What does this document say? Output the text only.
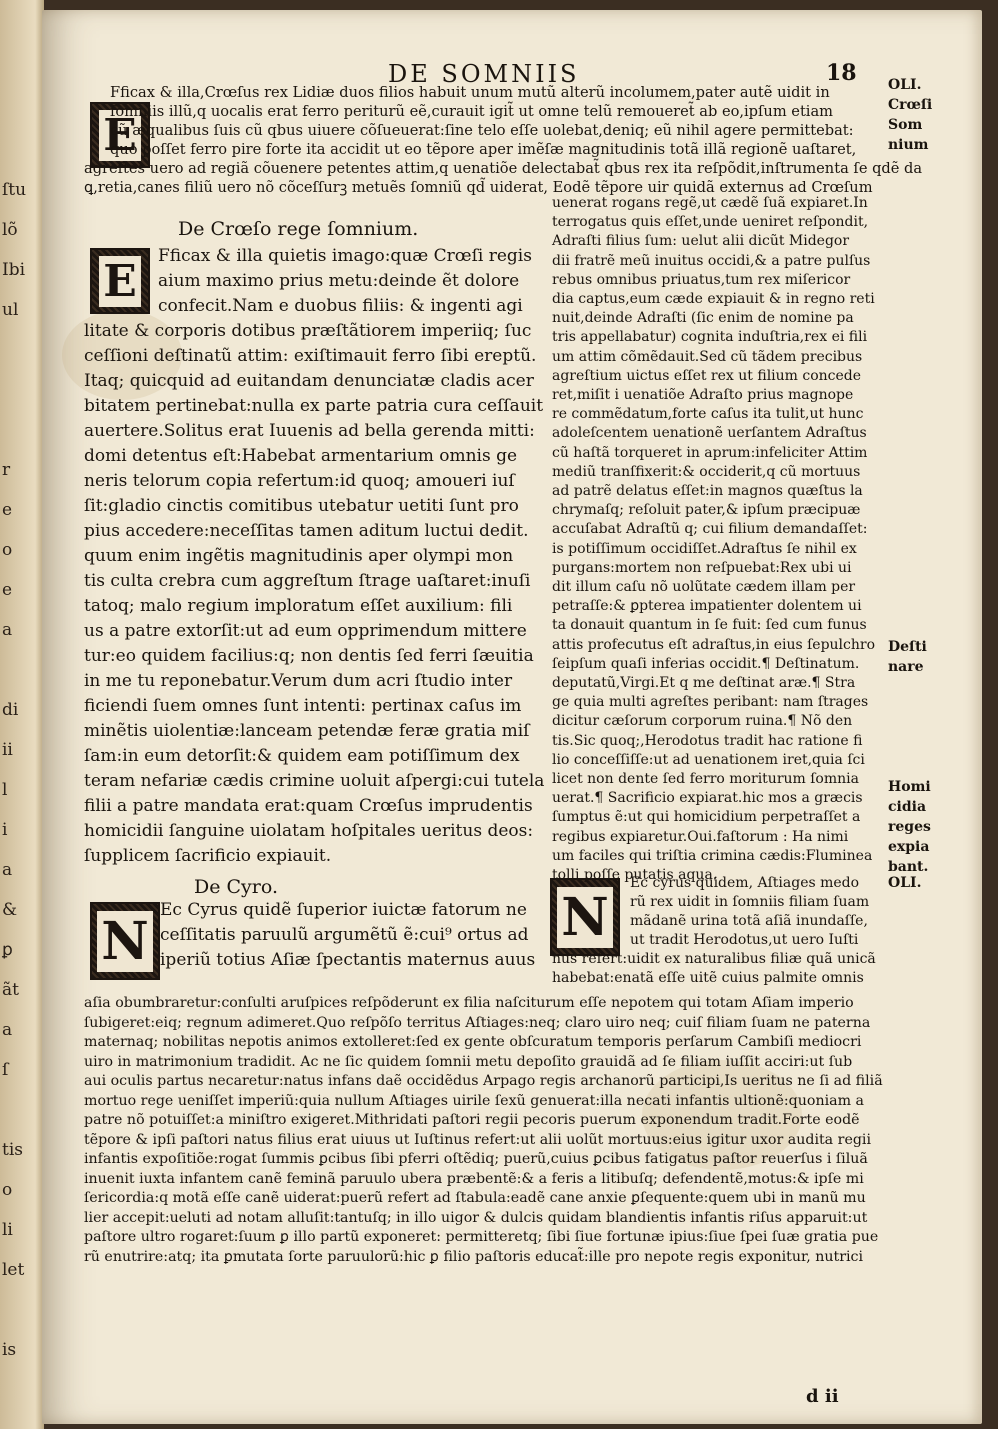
ſtu
lõ
Ibi
ul
r
e
o
e
a
di
ii
l
i
a
&
ꝑ
ãt
a
ſ
tis
o
li
let
is
DE SOMNIIS	18
E
De Crœſo rege ſomnium.
E
De Cyro.
N	N
d ii
Fficax & illa,Crœſus rex Lidiæ duos filios habuit unum mutũ alterũ incolumem,pater autẽ uidit in
ſomniis illũ,q uocalis erat ferro periturũ eẽ,curauit igit̃ ut omne telũ remoueret̃ ab eo,ipſum etiam
cũ æqualibus ſuis cũ qbus uiuere cõſueuerat:ſine telo eſſe uolebat,deniq; eũ nihil agere permittebat:
quo poſſet ferro pire forte ita accidit ut eo tẽpore aper imẽſæ magnitudinis totã illã regionẽ uaſtaret,
agreſtes uero ad regiã cõuenere petentes attim,q uenatiõe delectabat̃ qbus rex ita reſpõdit,inſtrumenta ſe qdẽ da
ꝗ,retia,canes filiũ uero nõ cõceſſurꝫ metuẽs ſomniũ qd̃ uiderat, Eodẽ tẽpore uir quidã externus ad Crœſum
Fficax & illa quietis imago:quæ Crœſi regis
aium maximo prius metu:deinde ẽt dolore
confecit.Nam e duobus filiis: & ingenti agi
litate & corporis dotibus præſtãtiorem imperiiq; ſuc
ceſſioni deſtinatũ attim: exiſtimauit ferro ſibi ereptũ.
Itaq; quicquid ad euitandam denunciatæ cladis acer
bitatem pertinebat:nulla ex parte patria cura ceſſauit
auertere.Solitus erat Iuuenis ad bella gerenda mitti:
domi detentus eſt:Habebat armentarium omnis ge
neris telorum copia refertum:id quoq; amoueri iuſ
ſit:gladio cinctis comitibus utebatur uetiti ſunt pro
pius accedere:neceſſitas tamen aditum luctui dedit.
quum enim ingẽtis magnitudinis aper olympi mon
tis culta crebra cum aggreſtum ſtrage uaſtaret:inuſi
tatoq; malo regium imploratum eſſet auxilium: fili
us a patre extorſit:ut ad eum opprimendum mittere
tur:eo quidem facilius:q; non dentis ſed ferri ſæuitia
in me tu reponebatur.Verum dum acri ſtudio inter
ficiendi ſuem omnes ſunt intenti: pertinax caſus im
minẽtis uiolentiæ:lanceam petendæ feræ gratia miſ
ſam:in eum detorſit:& quidem eam potiſſimum dex
teram nefariæ cædis crimine uoluit aſpergi:cui tutela
filii a patre mandata erat:quam Crœſus imprudentis
homicidii ſanguine uiolatam hoſpitales ueritus deos:
ſupplicem ſacrificio expiauit.
uenerat rogans regẽ,ut cædẽ ſuã expiaret.In
terrogatus quis eſſet,unde ueniret reſpondit,
Adraſti filius ſum: uelut alii dicũt Midegor
dii fratrẽ meũ inuitus occidi,& a patre pulſus
rebus omnibus priuatus,tum rex miſericor
dia captus,eum cæde expiauit & in regno reti
nuit,deinde Adraſti (ſic enim de nomine pa
tris appellabatur) cognita induſtria,rex ei fili
um attim cõmẽdauit.Sed cũ tãdem precibus
agreſtium uictus eſſet rex ut filium concede
ret,miſit i uenatiõe Adraſto prius magnope
re commẽdatum,forte caſus ita tulit,ut hunc
adoleſcentem uenationẽ uerſantem Adraſtus
cũ haſtã torqueret in aprum:infeliciter Attim
mediũ tranſfixerit:& occiderit,q cũ mortuus
ad patrẽ delatus eſſet:in magnos quæſtus la
chrymaſq; reſoluit pater,& ipſum præcipuæ
accuſabat Adraſtũ q; cui filium demandaſſet:
is potiſſimum occidiſſet.Adraſtus ſe nihil ex
purgans:mortem non reſpuebat:Rex ubi ui
dit illum caſu nõ uolũtate cædem illam per
petraſſe:& ꝑpterea impatienter dolentem ui
ta donauit quantum in ſe fuit: ſed cum funus
attis profecutus eſt adraſtus,in eius ſepulchro
ſeipſum quaſi inferias occidit.¶ Deſtinatum.
deputatũ,Virgi.Et q me deſtinat aræ.¶ Stra
ge quia multi agreſtes peribant: nam ſtrages
dicitur cæſorum corporum ruina.¶ Nõ den
tis.Sic quoq;,Herodotus tradit hac ratione fi
lio conceſſiſſe:ut ad uenationem iret,quia ſci
licet non dente ſed ferro moriturum ſomnia
uerat.¶ Sacrificio expiarat.hic mos a græcis
ſumptus ẽ:ut qui homicidium perpetraſſet a
regibus expiaretur.Oui.faſtorum : Ha nimi
um faciles qui triſtia crimina cædis:Fluminea
tolli poſſe putatis aqua.
OLI.
Crœſi
Som
nium
Deſti
nare
Homi
cidia
reges
expia
bant.
OLI.
Ec Cyrus quidẽ ſuperior iuictæ fatorum ne
ceſſitatis paruulũ argumẽtũ ẽ:cui⁹ ortus ad
iperiũ totius Aſiæ ſpectantis maternus auus
Ec cyrus quidem, Aſtiages medo
rũ rex uidit in ſomniis filiam ſuam
mãdanẽ urina totã aſiã inundaſſe,
ut tradit Herodotus,ut uero Iuſti
nus refert:uidit ex naturalibus filiæ quã unicã
habebat:enatã eſſe uitẽ cuius palmite omnis
aſia obumbraretur:conſulti aruſpices reſpõderunt ex filia naſciturum eſſe nepotem qui totam Aſiam imperio
ſubigeret:eiq; regnum adimeret.Quo reſpõſo territus Aſtiages:neq; claro uiro neq; cuiſ filiam ſuam ne paterna
maternaq; nobilitas nepotis animos extolleret:ſed ex gente obſcuratum temporis perſarum Cambiſi mediocri
uiro in matrimonium tradidit. Ac ne ſic quidem ſomnii metu depoſito grauidã ad ſe filiam iuſſit acciri:ut ſub
aui oculis partus necaretur:natus infans daẽ occidẽdus Arpago regis archanorũ participi,Is ueritus ne ſi ad filiã
mortuo rege ueniſſet imperiũ:quia nullum Aſtiages uirile ſexũ genuerat:illa necati infantis ultionẽ:quoniam a
patre nõ potuiſſet:a miniſtro exigeret.Mithridati paſtori regii pecoris puerum exponendum tradit.Forte eodẽ
tẽpore & ipſi paſtori natus filius erat uiuus ut Iuſtinus refert:ut alii uolũt mortuus:eius igitur uxor audita regii
infantis expoſitiõe:rogat ſummis ꝑcibus ſibi pferri oſtẽdiq; puerũ,cuius ꝑcibus fatigatus paſtor reuerſus i ſiluã
inuenit iuxta infantem canẽ feminã paruulo ubera præbentẽ:& a feris a litibuſq; defendentẽ,motus:& ipſe mi
ſericordia:q motã eſſe canẽ uiderat:puerũ refert ad ſtabula:eadẽ cane anxie ꝑſequente:quem ubi in manũ mu
lier accepit:ueluti ad notam alluſit:tantuſq; in illo uigor & dulcis quidam blandientis infantis riſus apparuit:ut
paſtore ultro rogaret:ſuum ꝑ illo partũ exponeret: permitteretq; ſibi ſiue fortunæ ipius:ſiue ſpei ſuæ gratia pue
rũ enutrire:atq; ita ꝑmutata ſorte paruulorũ:hic ꝑ filio paſtoris educat̃:ille pro nepote regis exponitur, nutrici
